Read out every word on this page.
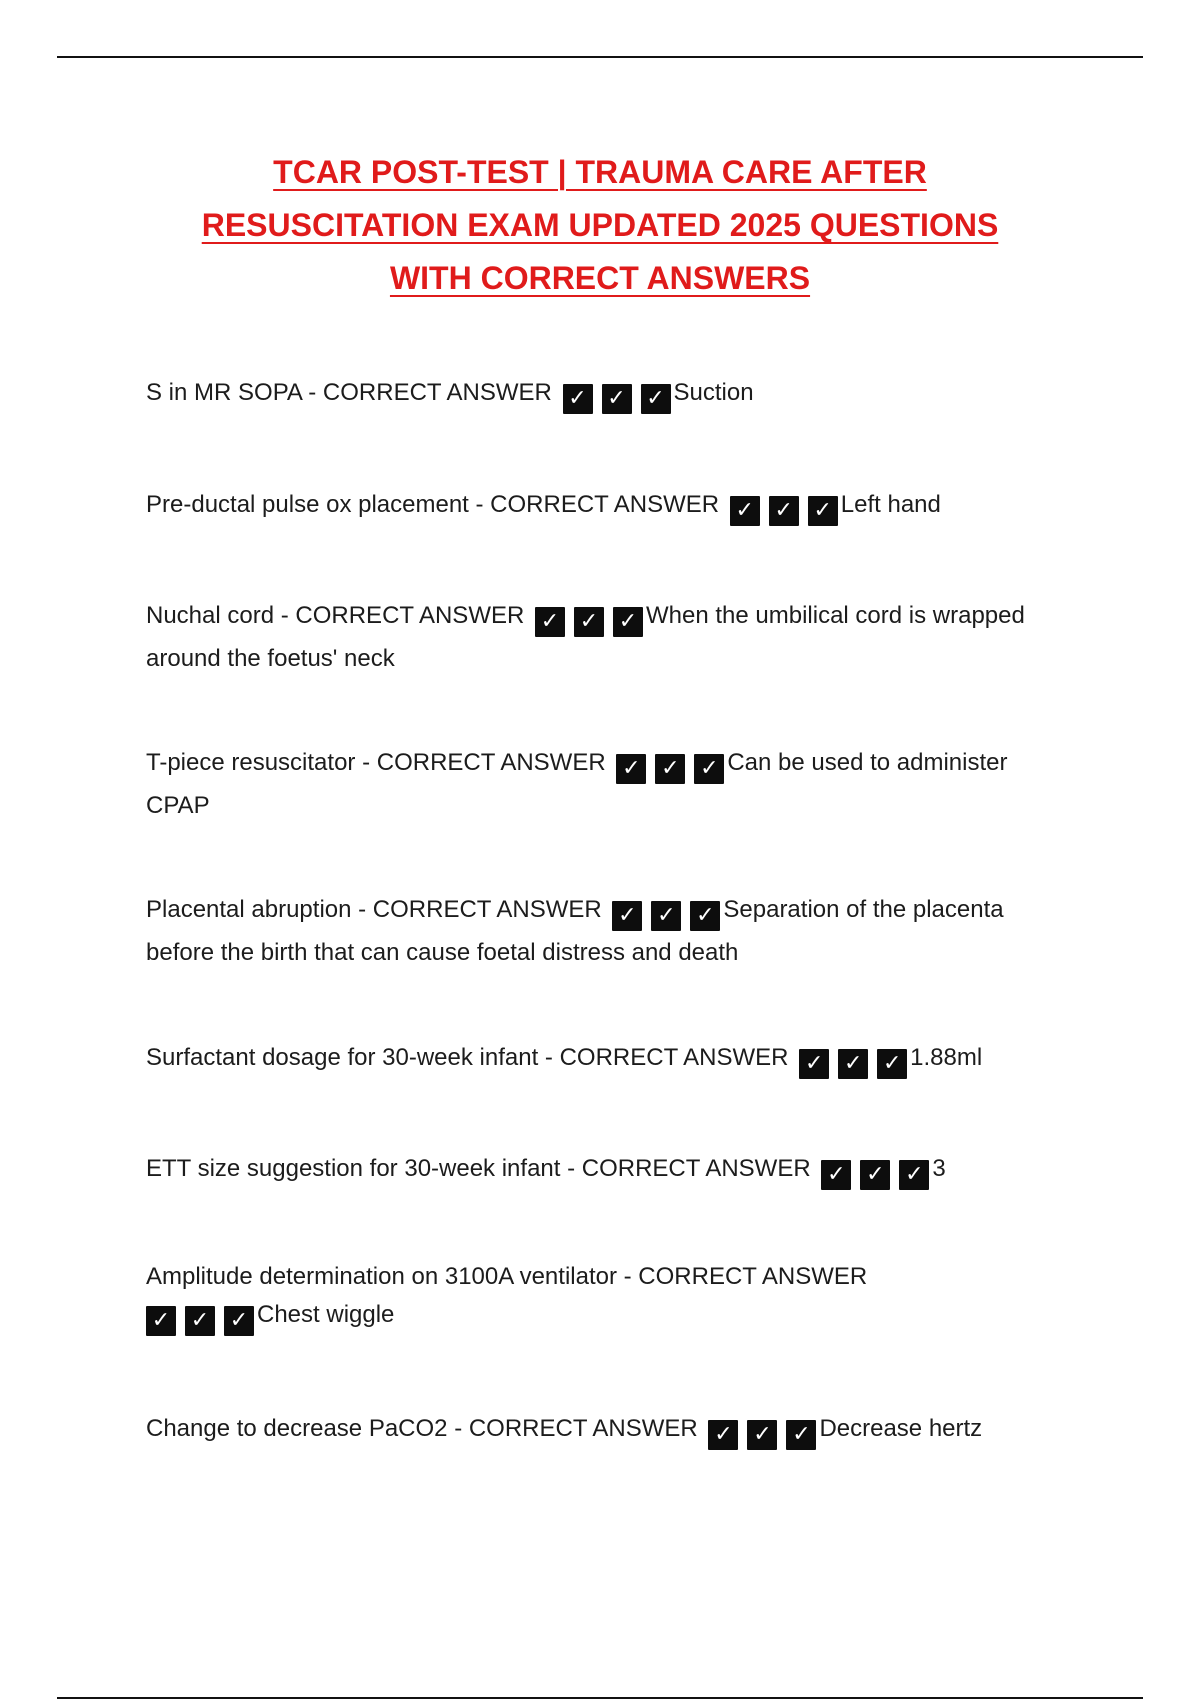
TCAR POST-TEST | TRAUMA CARE AFTER
RESUSCITATION EXAM UPDATED 2025 QUESTIONS
WITH CORRECT ANSWERS

S in MR SOPA - CORRECT ANSWER ✓ ✓ ✓ Suction

Pre-ductal pulse ox placement - CORRECT ANSWER ✓ ✓ ✓ Left hand

Nuchal cord - CORRECT ANSWER ✓ ✓ ✓ When the umbilical cord is wrapped around the foetus' neck

T-piece resuscitator - CORRECT ANSWER ✓ ✓ ✓ Can be used to administer CPAP

Placental abruption - CORRECT ANSWER ✓ ✓ ✓ Separation of the placenta before the birth that can cause foetal distress and death

Surfactant dosage for 30-week infant - CORRECT ANSWER ✓ ✓ ✓ 1.88ml

ETT size suggestion for 30-week infant - CORRECT ANSWER ✓ ✓ ✓ 3

Amplitude determination on 3100A ventilator - CORRECT ANSWER
✓ ✓ ✓ Chest wiggle

Change to decrease PaCO2 - CORRECT ANSWER ✓ ✓ ✓ Decrease hertz
